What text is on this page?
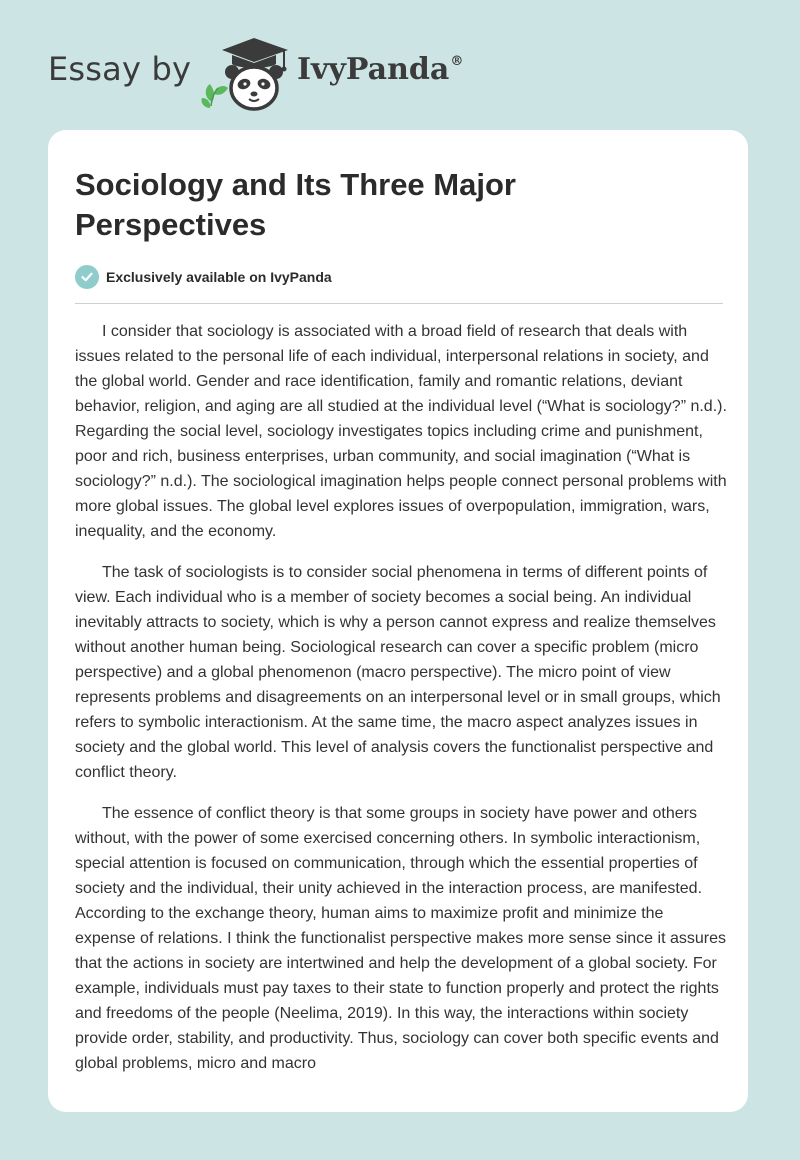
Essay by	IvyPanda®
Sociology and Its Three Major Perspectives
Exclusively available on IvyPanda

I consider that sociology is associated with a broad field of research that deals with issues related to the personal life of each individual, interpersonal relations in society, and the global world. Gender and race identification, family and romantic relations, deviant behavior, religion, and aging are all studied at the individual level (“What is sociology?” n.d.). Regarding the social level, sociology investigates topics including crime and punishment, poor and rich, business enterprises, urban community, and social imagination (“What is sociology?” n.d.). The sociological imagination helps people connect personal problems with more global issues. The global level explores issues of overpopulation, immigration, wars, inequality, and the economy.

The task of sociologists is to consider social phenomena in terms of different points of view. Each individual who is a member of society becomes a social being. An individual inevitably attracts to society, which is why a person cannot express and realize themselves without another human being. Sociological research can cover a specific problem (micro perspective) and a global phenomenon (macro perspective). The micro point of view represents problems and disagreements on an interpersonal level or in small groups, which refers to symbolic interactionism. At the same time, the macro aspect analyzes issues in society and the global world. This level of analysis covers the functionalist perspective and conflict theory.

The essence of conflict theory is that some groups in society have power and others without, with the power of some exercised concerning others. In symbolic interactionism, special attention is focused on communication, through which the essential properties of society and the individual, their unity achieved in the interaction process, are manifested. According to the exchange theory, human aims to maximize profit and minimize the expense of relations. I think the functionalist perspective makes more sense since it assures that the actions in society are intertwined and help the development of a global society. For example, individuals must pay taxes to their state to function properly and protect the rights and freedoms of the people (Neelima, 2019). In this way, the interactions within society provide order, stability, and productivity. Thus, sociology can cover both specific events and global problems, micro and macro
